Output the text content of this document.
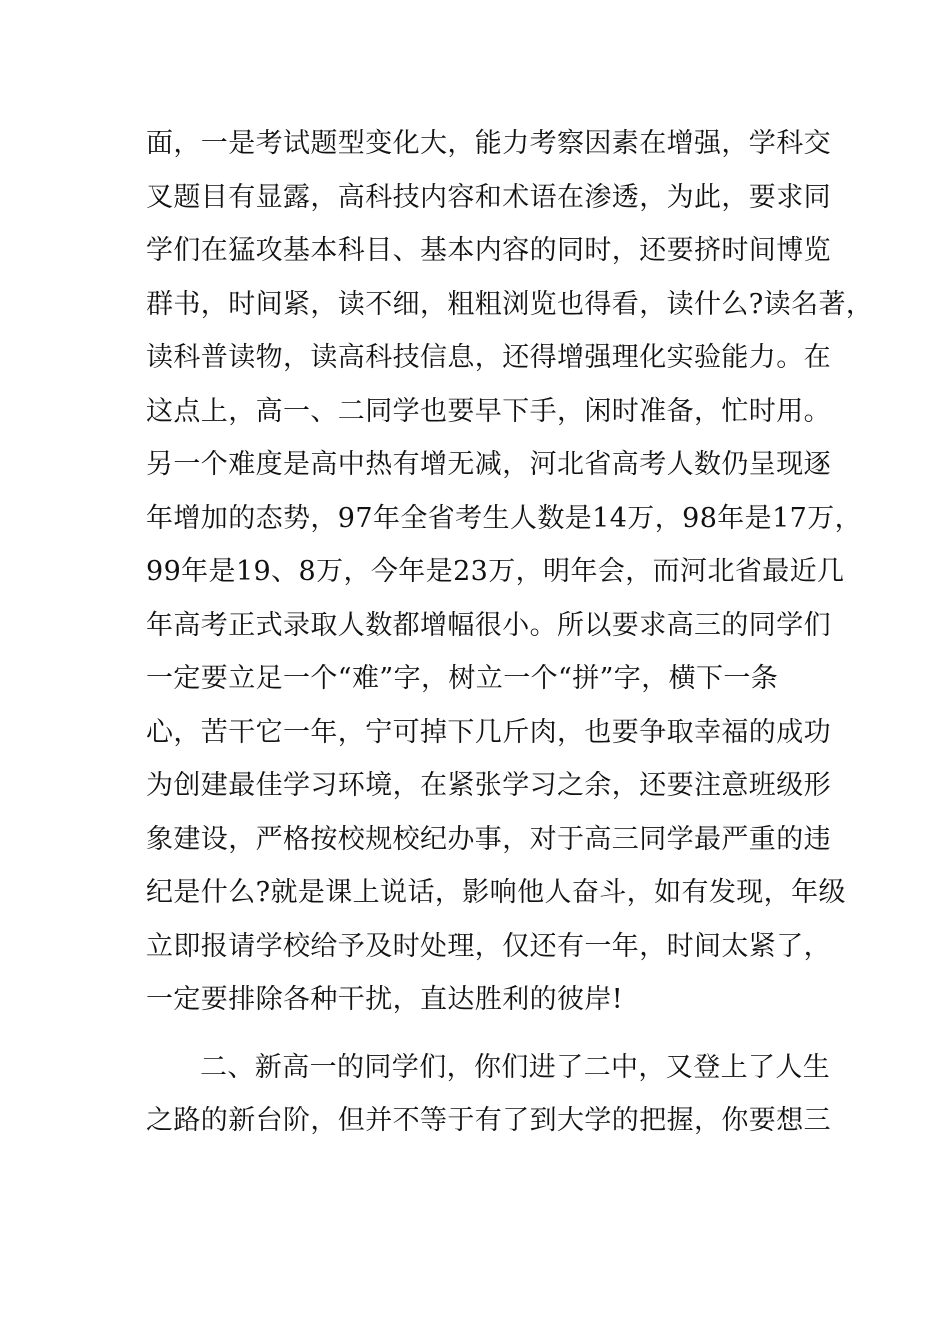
面，一是考试题型变化大，能力考察因素在增强，学科交
叉题目有显露，高科技内容和术语在渗透，为此，要求同
学们在猛攻基本科目、基本内容的同时，还要挤时间博览
群书，时间紧，读不细，粗粗浏览也得看，读什么?读名著，
读科普读物，读高科技信息，还得增强理化实验能力。在
这点上，高一、二同学也要早下手，闲时准备，忙时用。
另一个难度是高中热有增无减，河北省高考人数仍呈现逐
年增加的态势，97年全省考生人数是14万，98年是17万，
99年是19、8万，今年是23万，明年会，而河北省最近几
年高考正式录取人数都增幅很小。所以要求高三的同学们
一定要立足一个“难”字，树立一个“拼”字，横下一条
心，苦干它一年，宁可掉下几斤肉，也要争取幸福的成功
为创建最佳学习环境，在紧张学习之余，还要注意班级形
象建设，严格按校规校纪办事，对于高三同学最严重的违
纪是什么?就是课上说话，影响他人奋斗，如有发现，年级
立即报请学校给予及时处理，仅还有一年，时间太紧了，
一定要排除各种干扰，直达胜利的彼岸!
二、新高一的同学们，你们进了二中，又登上了人生
之路的新台阶，但并不等于有了到大学的把握，你要想三
